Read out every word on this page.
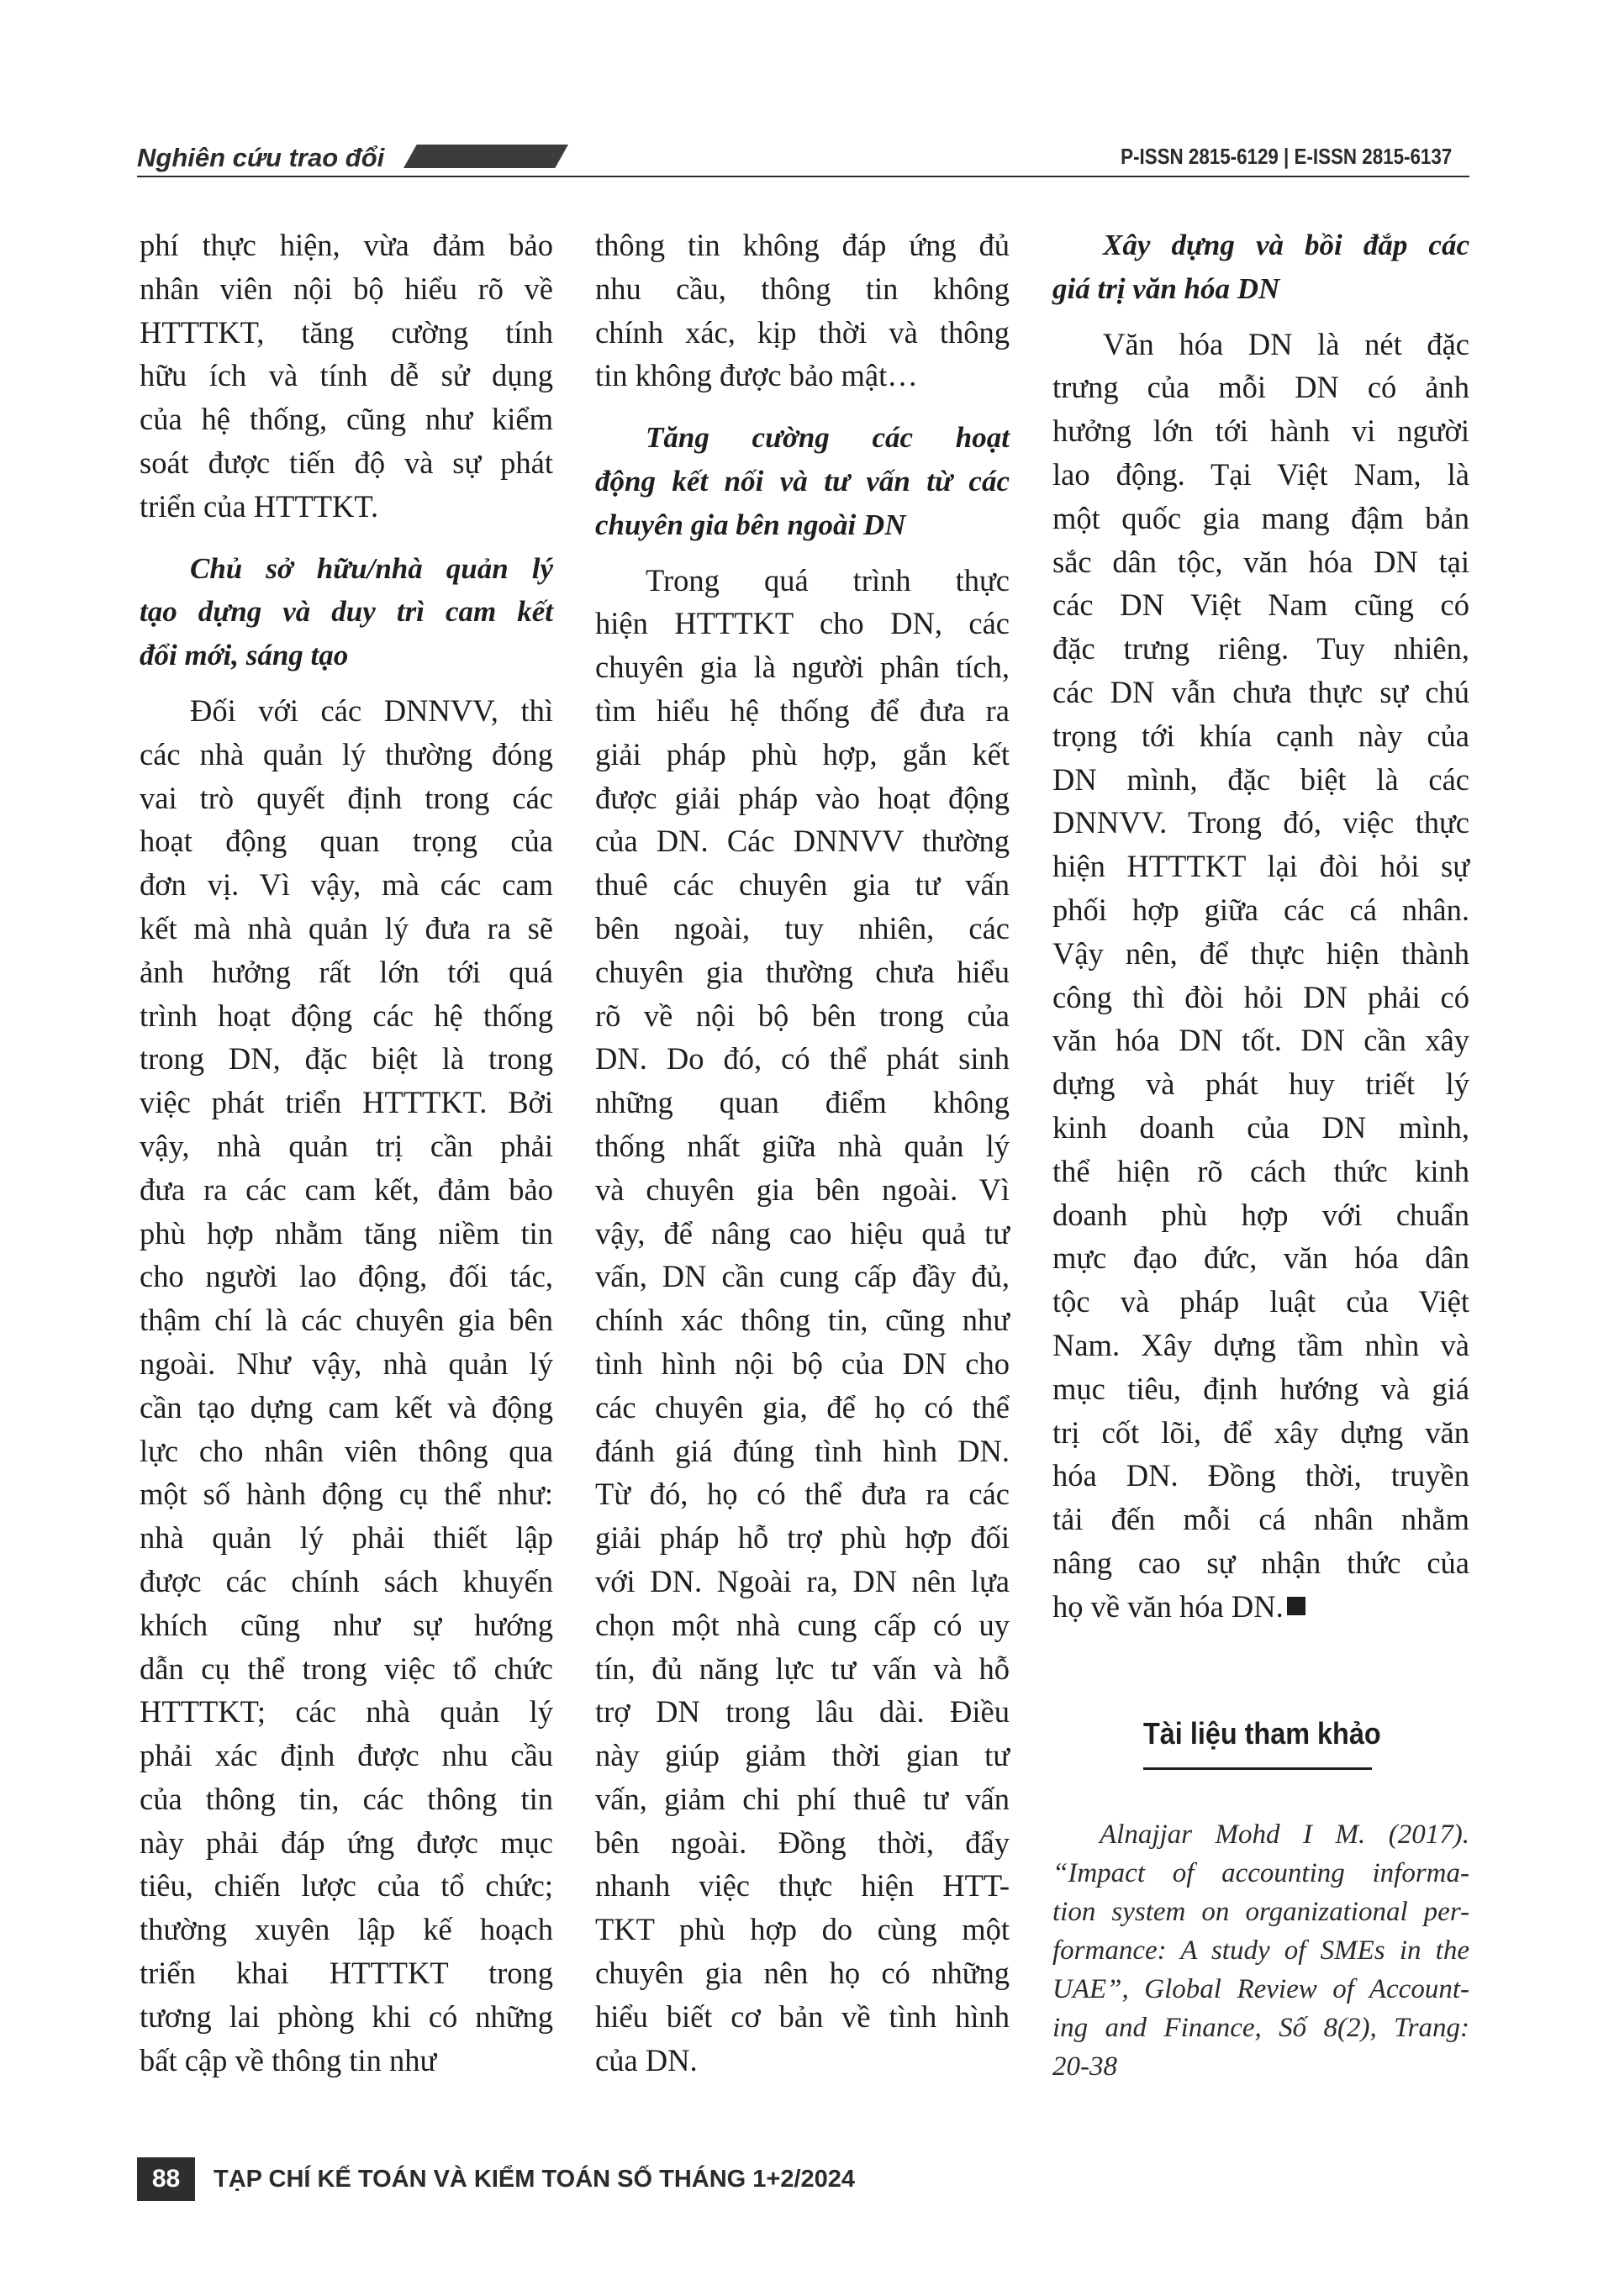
Nghiên cứu trao đổi	P-ISSN 2815-6129 | E-ISSN 2815-6137
phí thực hiện, vừa đảm bảo
nhân viên nội bộ hiểu rõ về
HTTTKT, tăng cường tính
hữu ích và tính dễ sử dụng
của hệ thống, cũng như kiểm
soát được tiến độ và sự phát
triển của HTTTKT.
Chủ sở hữu/nhà quản lý
tạo dựng và duy trì cam kết
đổi mới, sáng tạo
Đối với các DNNVV, thì
các nhà quản lý thường đóng
vai trò quyết định trong các
hoạt động quan trọng của
đơn vị. Vì vậy, mà các cam
kết mà nhà quản lý đưa ra sẽ
ảnh hưởng rất lớn tới quá
trình hoạt động các hệ thống
trong DN, đặc biệt là trong
việc phát triển HTTTKT. Bởi
vậy, nhà quản trị cần phải
đưa ra các cam kết, đảm bảo
phù hợp nhằm tăng niềm tin
cho người lao động, đối tác,
thậm chí là các chuyên gia bên
ngoài. Như vậy, nhà quản lý
cần tạo dựng cam kết và động
lực cho nhân viên thông qua
một số hành động cụ thể như:
nhà quản lý phải thiết lập
được các chính sách khuyến
khích cũng như sự hướng
dẫn cụ thể trong việc tổ chức
HTTTKT; các nhà quản lý
phải xác định được nhu cầu
của thông tin, các thông tin
này phải đáp ứng được mục
tiêu, chiến lược của tổ chức;
thường xuyên lập kế hoạch
triển khai HTTTKT trong
tương lai phòng khi có những
bất cập về thông tin như
thông tin không đáp ứng đủ
nhu cầu, thông tin không
chính xác, kịp thời và thông
tin không được bảo mật…
Tăng cường các hoạt
động kết nối và tư vấn từ các
chuyên gia bên ngoài DN
Trong quá trình thực
hiện HTTTKT cho DN, các
chuyên gia là người phân tích,
tìm hiểu hệ thống để đưa ra
giải pháp phù hợp, gắn kết
được giải pháp vào hoạt động
của DN. Các DNNVV thường
thuê các chuyên gia tư vấn
bên ngoài, tuy nhiên, các
chuyên gia thường chưa hiểu
rõ về nội bộ bên trong của
DN. Do đó, có thể phát sinh
những quan điểm không
thống nhất giữa nhà quản lý
và chuyên gia bên ngoài. Vì
vậy, để nâng cao hiệu quả tư
vấn, DN cần cung cấp đầy đủ,
chính xác thông tin, cũng như
tình hình nội bộ của DN cho
các chuyên gia, để họ có thể
đánh giá đúng tình hình DN.
Từ đó, họ có thể đưa ra các
giải pháp hỗ trợ phù hợp đối
với DN. Ngoài ra, DN nên lựa
chọn một nhà cung cấp có uy
tín, đủ năng lực tư vấn và hỗ
trợ DN trong lâu dài. Điều
này giúp giảm thời gian tư
vấn, giảm chi phí thuê tư vấn
bên ngoài. Đồng thời, đẩy
nhanh việc thực hiện HTT-
TKT phù hợp do cùng một
chuyên gia nên họ có những
hiểu biết cơ bản về tình hình
của DN.
Xây dựng và bồi đắp các
giá trị văn hóa DN
Văn hóa DN là nét đặc
trưng của mỗi DN có ảnh
hưởng lớn tới hành vi người
lao động. Tại Việt Nam, là
một quốc gia mang đậm bản
sắc dân tộc, văn hóa DN tại
các DN Việt Nam cũng có
đặc trưng riêng. Tuy nhiên,
các DN vẫn chưa thực sự chú
trọng tới khía cạnh này của
DN mình, đặc biệt là các
DNNVV. Trong đó, việc thực
hiện HTTTKT lại đòi hỏi sự
phối hợp giữa các cá nhân.
Vậy nên, để thực hiện thành
công thì đòi hỏi DN phải có
văn hóa DN tốt. DN cần xây
dựng và phát huy triết lý
kinh doanh của DN mình,
thể hiện rõ cách thức kinh
doanh phù hợp với chuẩn
mực đạo đức, văn hóa dân
tộc và pháp luật của Việt
Nam. Xây dựng tầm nhìn và
mục tiêu, định hướng và giá
trị cốt lõi, để xây dựng văn
hóa DN. Đồng thời, truyền
tải đến mỗi cá nhân nhằm
nâng cao sự nhận thức của
họ về văn hóa DN.
Tài liệu tham khảo
Alnajjar Mohd I M. (2017).
“Impact of accounting informa-
tion system on organizational per-
formance: A study of SMEs in the
UAE”, Global Review of Account-
ing and Finance, Số 8(2), Trang:
20-38
88	TẠP CHÍ KẾ TOÁN VÀ KIỂM TOÁN SỐ THÁNG 1+2/2024
